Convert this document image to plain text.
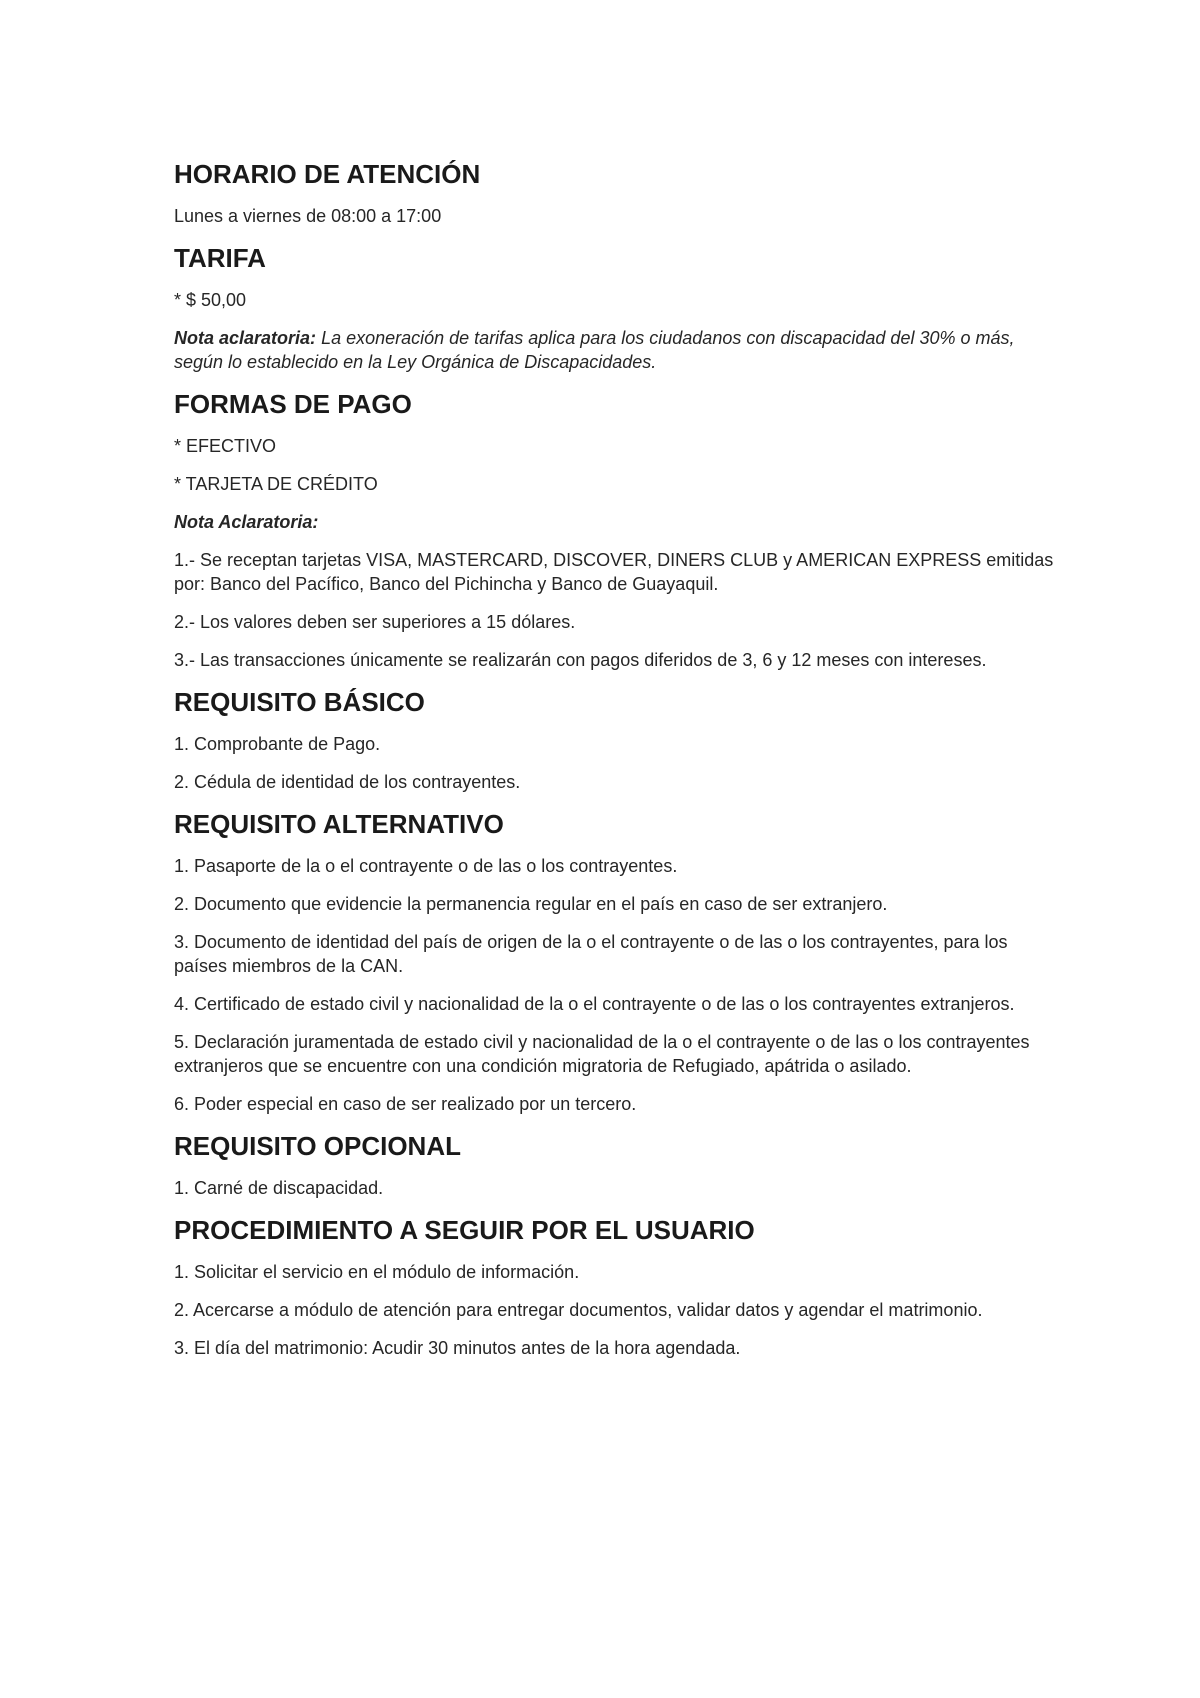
HORARIO DE ATENCIÓN
Lunes a viernes de 08:00 a 17:00
TARIFA
* $ 50,00
Nota aclaratoria: La exoneración de tarifas aplica para los ciudadanos con discapacidad del 30% o más, según lo establecido en la Ley Orgánica de Discapacidades.
FORMAS DE PAGO
* EFECTIVO
* TARJETA DE CRÉDITO
Nota Aclaratoria:
1.- Se receptan tarjetas VISA, MASTERCARD, DISCOVER, DINERS CLUB y AMERICAN EXPRESS emitidas por: Banco del Pacífico, Banco del Pichincha y Banco de Guayaquil.
2.- Los valores deben ser superiores a 15 dólares.
3.- Las transacciones únicamente se realizarán con pagos diferidos de 3, 6 y 12 meses con intereses.
REQUISITO BÁSICO
1. Comprobante de Pago.
2. Cédula de identidad de los contrayentes.
REQUISITO ALTERNATIVO
1. Pasaporte de la o el contrayente o de las o los contrayentes.
2. Documento que evidencie la permanencia regular en el país en caso de ser extranjero.
3. Documento de identidad del país de origen de la o el contrayente o de las o los contrayentes, para los países miembros de la CAN.
4. Certificado de estado civil y nacionalidad de la o el contrayente o de las o los contrayentes extranjeros.
5. Declaración juramentada de estado civil y nacionalidad de la o el contrayente o de las o los contrayentes extranjeros que se encuentre con una condición migratoria de Refugiado, apátrida o asilado.
6. Poder especial en caso de ser realizado por un tercero.
REQUISITO OPCIONAL
1. Carné de discapacidad.
PROCEDIMIENTO A SEGUIR POR EL USUARIO
1. Solicitar el servicio en el módulo de información.
2. Acercarse a módulo de atención para entregar documentos, validar datos y agendar el matrimonio.
3. El día del matrimonio: Acudir 30 minutos antes de la hora agendada.
